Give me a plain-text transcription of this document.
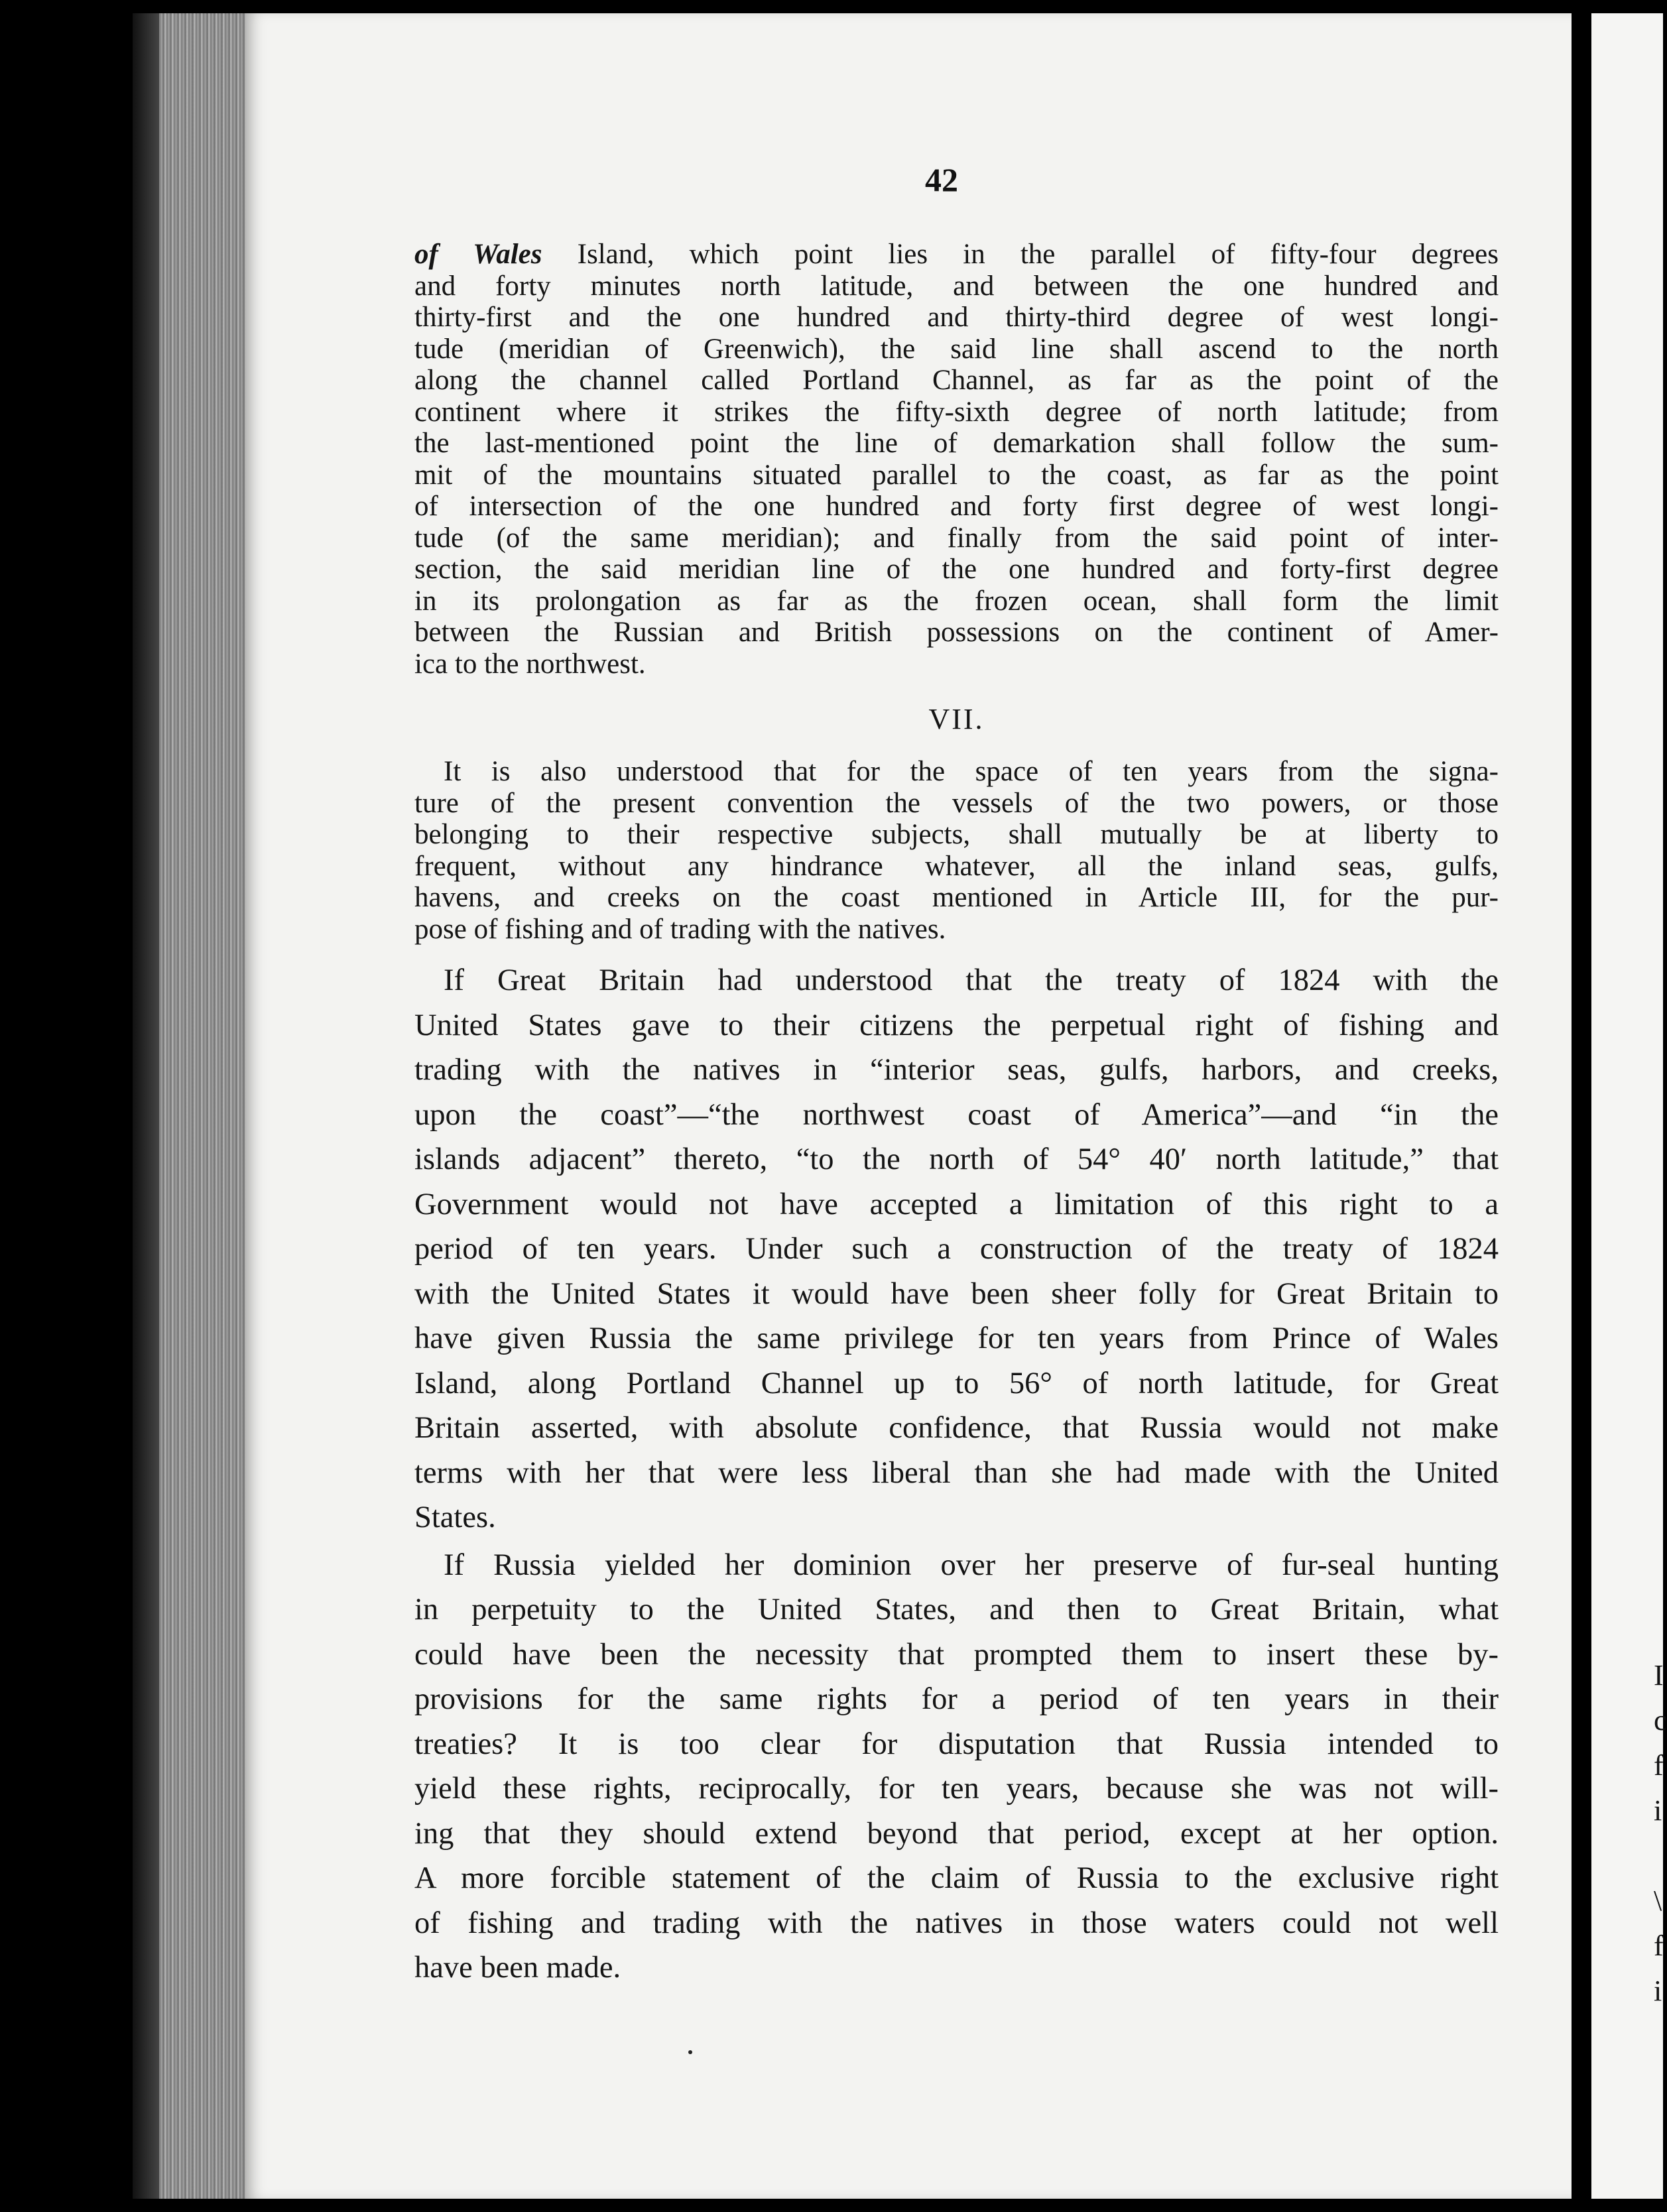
42
of Wales Island, which point lies in the parallel of fifty-four degrees
and forty minutes north latitude, and between the one hundred and
thirty-first and the one hundred and thirty-third degree of west longi-
tude (meridian of Greenwich), the said line shall ascend to the north
along the channel called Portland Channel, as far as the point of the
continent where it strikes the fifty-sixth degree of north latitude; from
the last-mentioned point the line of demarkation shall follow the sum-
mit of the mountains situated parallel to the coast, as far as the point
of intersection of the one hundred and forty first degree of west longi-
tude (of the same meridian); and finally from the said point of inter-
section, the said meridian line of the one hundred and forty-first degree
in its prolongation as far as the frozen ocean, shall form the limit
between the Russian and British possessions on the continent of Amer-
ica to the northwest.
VII.
It is also understood that for the space of ten years from the signa-
ture of the present convention the vessels of the two powers, or those
belonging to their respective subjects, shall mutually be at liberty to
frequent, without any hindrance whatever, all the inland seas, gulfs,
havens, and creeks on the coast mentioned in Article III, for the pur-
pose of fishing and of trading with the natives.
If Great Britain had understood that the treaty of 1824 with the
United States gave to their citizens the perpetual right of fishing and
trading with the natives in “interior seas, gulfs, harbors, and creeks,
upon the coast”—“the northwest coast of America”—and “in the
islands adjacent” thereto, “to the north of 54° 40′ north latitude,” that
Government would not have accepted a limitation of this right to a
period of ten years. Under such a construction of the treaty of 1824
with the United States it would have been sheer folly for Great Britain to
have given Russia the same privilege for ten years from Prince of Wales
Island, along Portland Channel up to 56° of north latitude, for Great
Britain asserted, with absolute confidence, that Russia would not make
terms with her that were less liberal than she had made with the United
States.
If Russia yielded her dominion over her preserve of fur-seal hunting
in perpetuity to the United States, and then to Great Britain, what
could have been the necessity that prompted them to insert these by-
provisions for the same rights for a period of ten years in their
treaties? It is too clear for disputation that Russia intended to
yield these rights, reciprocally, for ten years, because she was not will-
ing that they should extend beyond that period, except at her option.
A more forcible statement of the claim of Russia to the exclusive right
of fishing and trading with the natives in those waters could not well
have been made.
I
c
f
i
\
f
i
